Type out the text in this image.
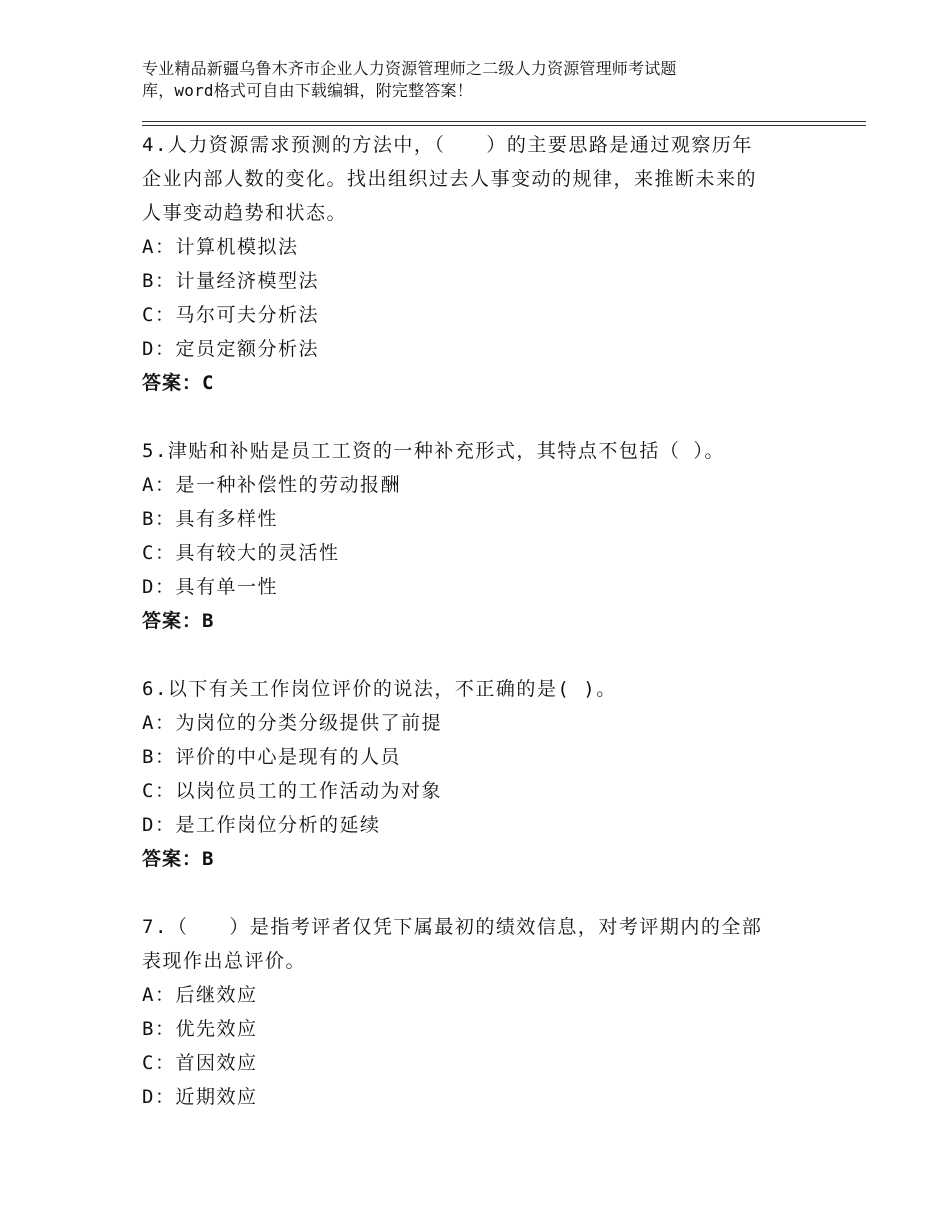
专业精品新疆乌鲁木齐市企业人力资源管理师之二级人力资源管理师考试题
库，word格式可自由下载编辑，附完整答案！
4.人力资源需求预测的方法中，（　　）的主要思路是通过观察历年
企业内部人数的变化。找出组织过去人事变动的规律，来推断未来的
人事变动趋势和状态。
A：计算机模拟法
B：计量经济模型法
C：马尔可夫分析法
D：定员定额分析法
答案：C
5.津贴和补贴是员工工资的一种补充形式，其特点不包括（ ）。
A：是一种补偿性的劳动报酬
B：具有多样性
C：具有较大的灵活性
D：具有单一性
答案：B
6.以下有关工作岗位评价的说法，不正确的是( )。
A：为岗位的分类分级提供了前提
B：评价的中心是现有的人员
C：以岗位员工的工作活动为对象
D：是工作岗位分析的延续
答案：B
7.（　　）是指考评者仅凭下属最初的绩效信息，对考评期内的全部
表现作出总评价。
A：后继效应
B：优先效应
C：首因效应
D：近期效应
